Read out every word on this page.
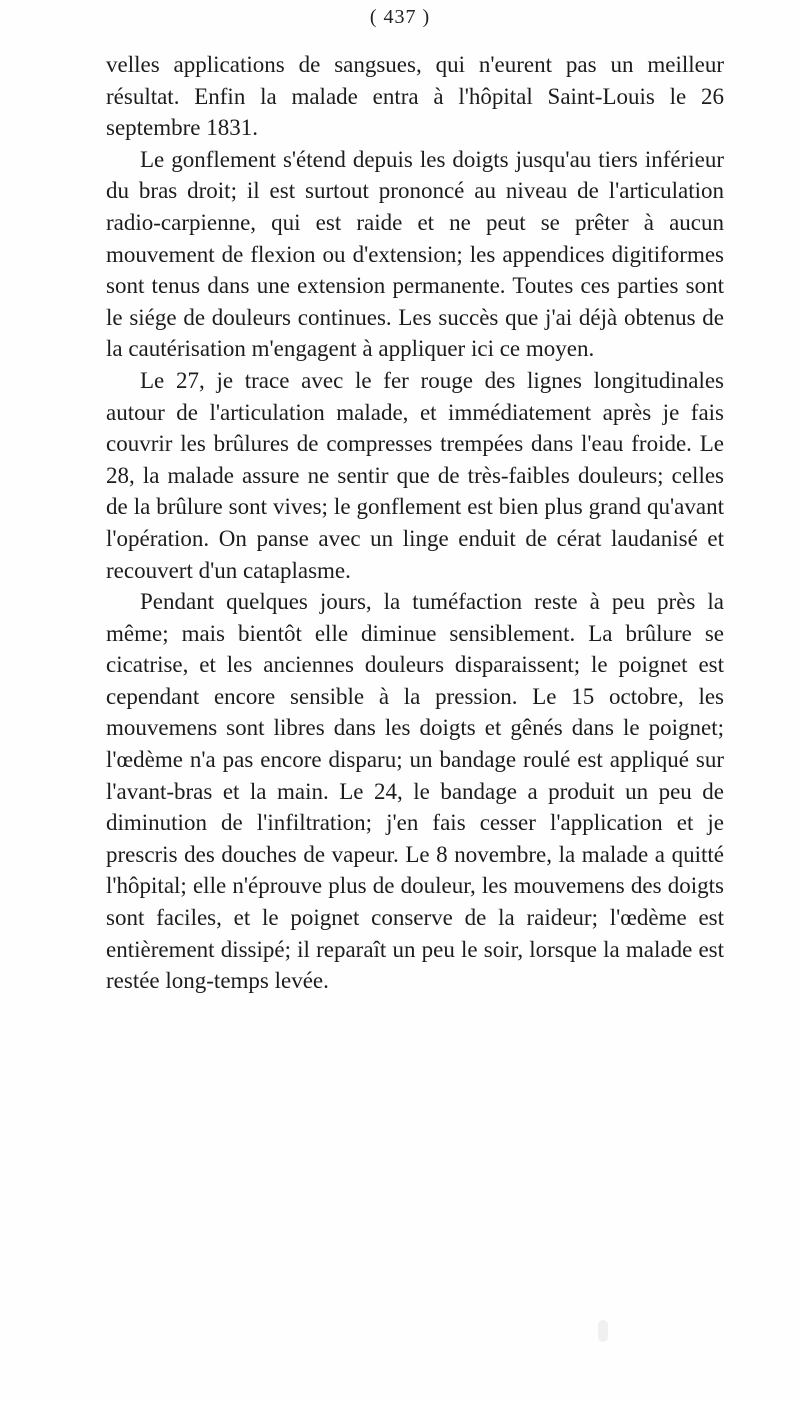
( 437 )

velles applications de sangsues, qui n'eurent pas un meilleur résultat. Enfin la malade entra à l'hôpital Saint-Louis le 26 septembre 1831.

Le gonflement s'étend depuis les doigts jusqu'au tiers inférieur du bras droit; il est surtout prononcé au niveau de l'articulation radio-carpienne, qui est raide et ne peut se prêter à aucun mouvement de flexion ou d'extension; les appendices digitiformes sont tenus dans une extension permanente. Toutes ces parties sont le siége de douleurs continues. Les succès que j'ai déjà obtenus de la cautérisation m'engagent à appliquer ici ce moyen.

Le 27, je trace avec le fer rouge des lignes longitudinales autour de l'articulation malade, et immédiatement après je fais couvrir les brûlures de compresses trempées dans l'eau froide. Le 28, la malade assure ne sentir que de très-faibles douleurs; celles de la brûlure sont vives; le gonflement est bien plus grand qu'avant l'opération. On panse avec un linge enduit de cérat laudanisé et recouvert d'un cataplasme.

Pendant quelques jours, la tuméfaction reste à peu près la même; mais bientôt elle diminue sensiblement. La brûlure se cicatrise, et les anciennes douleurs disparaissent; le poignet est cependant encore sensible à la pression. Le 15 octobre, les mouvemens sont libres dans les doigts et gênés dans le poignet; l'œdème n'a pas encore disparu; un bandage roulé est appliqué sur l'avant-bras et la main. Le 24, le bandage a produit un peu de diminution de l'infiltration; j'en fais cesser l'application et je prescris des douches de vapeur. Le 8 novembre, la malade a quitté l'hôpital; elle n'éprouve plus de douleur, les mouvemens des doigts sont faciles, et le poignet conserve de la raideur; l'œdème est entièrement dissipé; il reparaît un peu le soir, lorsque la malade est restée long-temps levée.
